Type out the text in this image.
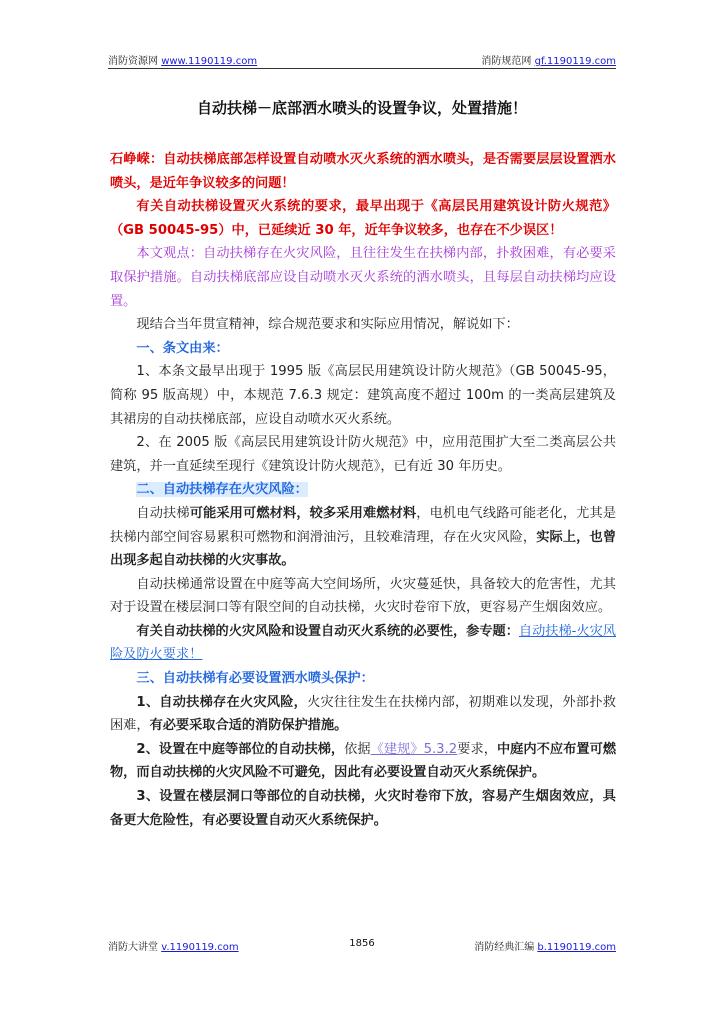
消防资源网 www.1190119.com	消防规范网 gf.1190119.com
自动扶梯－底部洒水喷头的设置争议，处置措施！

石峥嵘：自动扶梯底部怎样设置自动喷水灭火系统的洒水喷头，是否需要层层设置洒水喷头，是近年争议较多的问题！

有关自动扶梯设置灭火系统的要求，最早出现于《高层民用建筑设计防火规范》（GB 50045-95）中，已延续近 30 年，近年争议较多，也存在不少误区！

本文观点：自动扶梯存在火灾风险，且往往发生在扶梯内部，扑救困难，有必要采取保护措施。自动扶梯底部应设自动喷水灭火系统的洒水喷头，且每层自动扶梯均应设置。

现结合当年贯宣精神，综合规范要求和实际应用情况，解说如下：

一、条文由来：

1、本条文最早出现于 1995 版《高层民用建筑设计防火规范》（GB 50045-95，简称 95 版高规）中，本规范 7.6.3 规定：建筑高度不超过 100m 的一类高层建筑及其裙房的自动扶梯底部，应设自动喷水灭火系统。

2、在 2005 版《高层民用建筑设计防火规范》中，应用范围扩大至二类高层公共建筑，并一直延续至现行《建筑设计防火规范》，已有近 30 年历史。

二、自动扶梯存在火灾风险：

自动扶梯可能采用可燃材料，较多采用难燃材料，电机电气线路可能老化，尤其是扶梯内部空间容易累积可燃物和润滑油污，且较难清理，存在火灾风险，实际上，也曾出现多起自动扶梯的火灾事故。

自动扶梯通常设置在中庭等高大空间场所，火灾蔓延快，具备较大的危害性，尤其对于设置在楼层洞口等有限空间的自动扶梯，火灾时卷帘下放，更容易产生烟囱效应。

有关自动扶梯的火灾风险和设置自动灭火系统的必要性，参专题：自动扶梯-火灾风险及防火要求！

三、自动扶梯有必要设置洒水喷头保护：

1、自动扶梯存在火灾风险，火灾往往发生在扶梯内部，初期难以发现，外部扑救困难，有必要采取合适的消防保护措施。

2、设置在中庭等部位的自动扶梯，依据《建规》5.3.2要求，中庭内不应布置可燃物，而自动扶梯的火灾风险不可避免，因此有必要设置自动灭火系统保护。

3、设置在楼层洞口等部位的自动扶梯，火灾时卷帘下放，容易产生烟囱效应，具备更大危险性，有必要设置自动灭火系统保护。

消防大讲堂 v.1190119.com	1856	消防经典汇编 b.1190119.com
